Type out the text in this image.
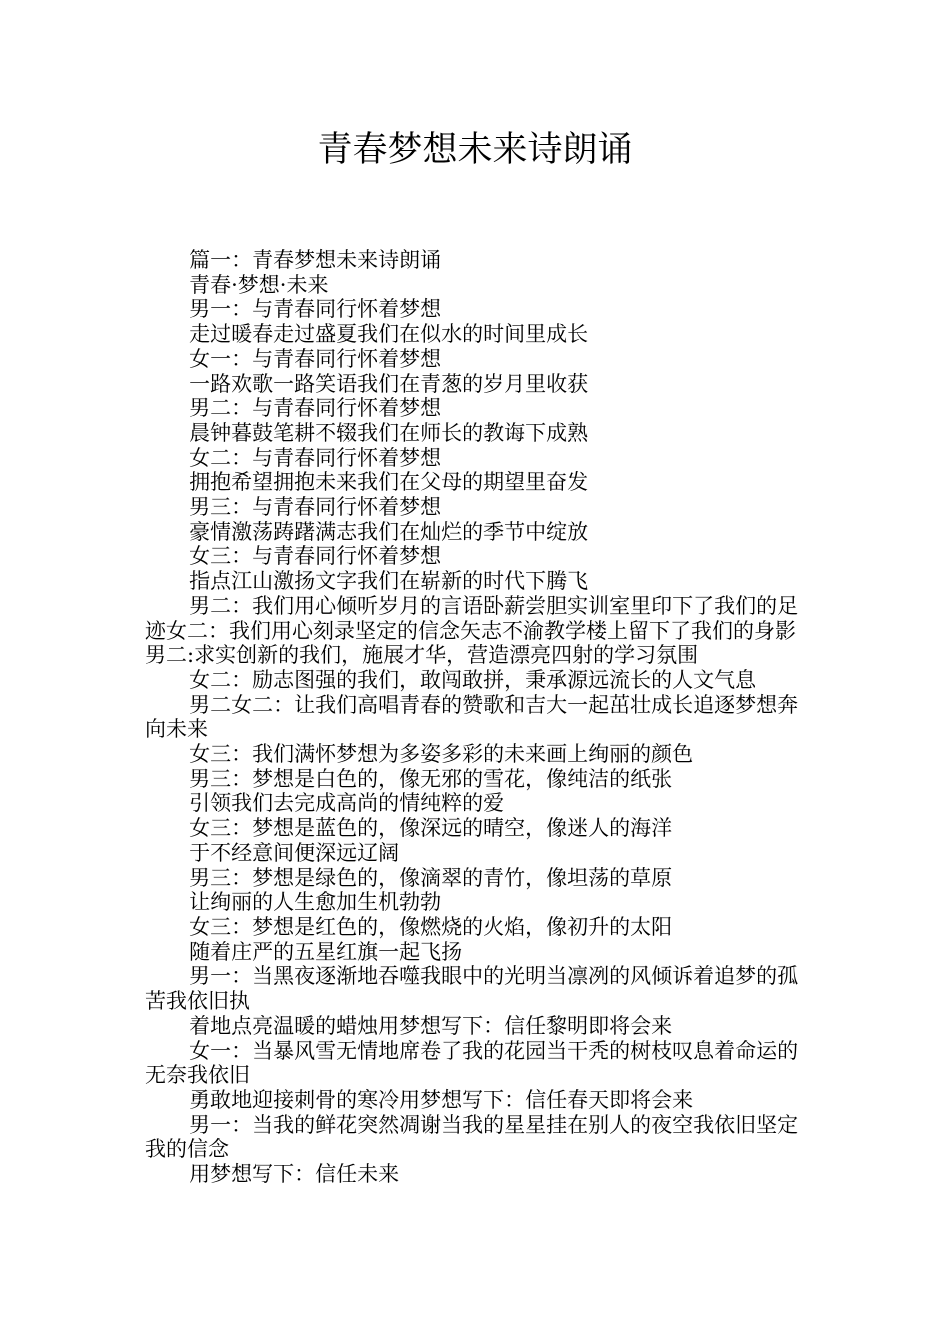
青春梦想未来诗朗诵

篇一：青春梦想未来诗朗诵

青春·梦想·未来

男一：与青春同行怀着梦想

走过暖春走过盛夏我们在似水的时间里成长

女一：与青春同行怀着梦想

一路欢歌一路笑语我们在青葱的岁月里收获

男二：与青春同行怀着梦想

晨钟暮鼓笔耕不辍我们在师长的教诲下成熟

女二：与青春同行怀着梦想

拥抱希望拥抱未来我们在父母的期望里奋发

男三：与青春同行怀着梦想

豪情激荡踌躇满志我们在灿烂的季节中绽放

女三：与青春同行怀着梦想

指点江山激扬文字我们在崭新的时代下腾飞

男二：我们用心倾听岁月的言语卧薪尝胆实训室里印下了我们的足迹女二：我们用心刻录坚定的信念矢志不渝教学楼上留下了我们的身影男二:求实创新的我们，施展才华，营造漂亮四射的学习氛围

女二：励志图强的我们，敢闯敢拼，秉承源远流长的人文气息

男二女二：让我们高唱青春的赞歌和吉大一起茁壮成长追逐梦想奔向未来

女三：我们满怀梦想为多姿多彩的未来画上绚丽的颜色

男三：梦想是白色的，像无邪的雪花，像纯洁的纸张

引领我们去完成高尚的情纯粹的爱

女三：梦想是蓝色的，像深远的晴空，像迷人的海洋

于不经意间便深远辽阔

男三：梦想是绿色的，像滴翠的青竹，像坦荡的草原

让绚丽的人生愈加生机勃勃

女三：梦想是红色的，像燃烧的火焰，像初升的太阳

随着庄严的五星红旗一起飞扬

男一：当黑夜逐渐地吞噬我眼中的光明当凛冽的风倾诉着追梦的孤苦我依旧执

着地点亮温暖的蜡烛用梦想写下：信任黎明即将会来

女一：当暴风雪无情地席卷了我的花园当干秃的树枝叹息着命运的无奈我依旧

勇敢地迎接刺骨的寒冷用梦想写下：信任春天即将会来

男一：当我的鲜花突然凋谢当我的星星挂在别人的夜空我依旧坚定我的信念

用梦想写下：信任未来
